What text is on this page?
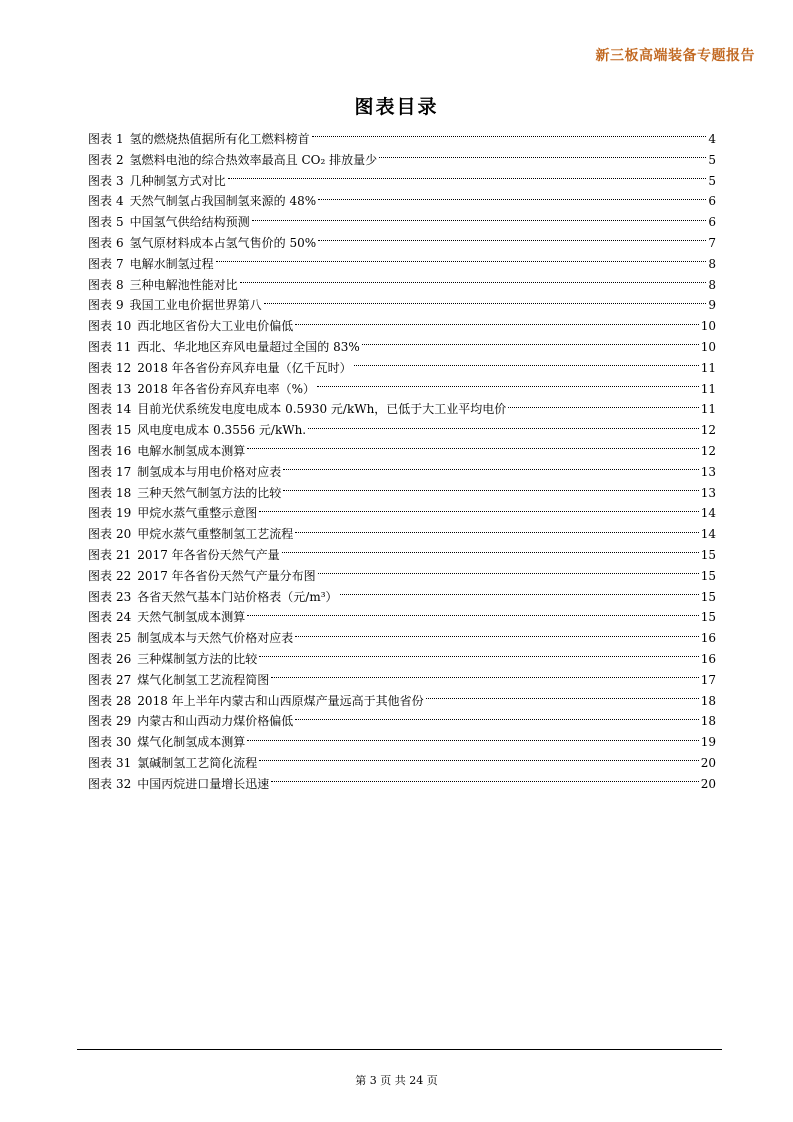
新三板高端装备专题报告
图表目录
图表 1 氢的燃烧热值据所有化工燃料榜首	4
图表 2 氢燃料电池的综合热效率最高且 CO₂ 排放量少	5
图表 3 几种制氢方式对比	5
图表 4 天然气制氢占我国制氢来源的 48%	6
图表 5 中国氢气供给结构预测	6
图表 6 氢气原材料成本占氢气售价的 50%	7
图表 7 电解水制氢过程	8
图表 8 三种电解池性能对比	8
图表 9 我国工业电价据世界第八	9
图表 10 西北地区省份大工业电价偏低	10
图表 11 西北、华北地区弃风电量超过全国的 83%	10
图表 12 2018 年各省份弃风弃电量（亿千瓦时）	11
图表 13 2018 年各省份弃风弃电率（%）	11
图表 14 目前光伏系统发电度电成本 0.5930 元/kWh，已低于大工业平均电价	11
图表 15 风电度电成本 0.3556 元/kWh.	12
图表 16 电解水制氢成本测算	12
图表 17 制氢成本与用电价格对应表	13
图表 18 三种天然气制氢方法的比较	13
图表 19 甲烷水蒸气重整示意图	14
图表 20 甲烷水蒸气重整制氢工艺流程	14
图表 21 2017 年各省份天然气产量	15
图表 22 2017 年各省份天然气产量分布图	15
图表 23 各省天然气基本门站价格表（元/m³）	15
图表 24 天然气制氢成本测算	15
图表 25 制氢成本与天然气价格对应表	16
图表 26 三种煤制氢方法的比较	16
图表 27 煤气化制氢工艺流程简图	17
图表 28 2018 年上半年内蒙古和山西原煤产量远高于其他省份	18
图表 29 内蒙古和山西动力煤价格偏低	18
图表 30 煤气化制氢成本测算	19
图表 31 氯碱制氢工艺简化流程	20
图表 32 中国丙烷进口量增长迅速	20
第 3 页 共 24 页
